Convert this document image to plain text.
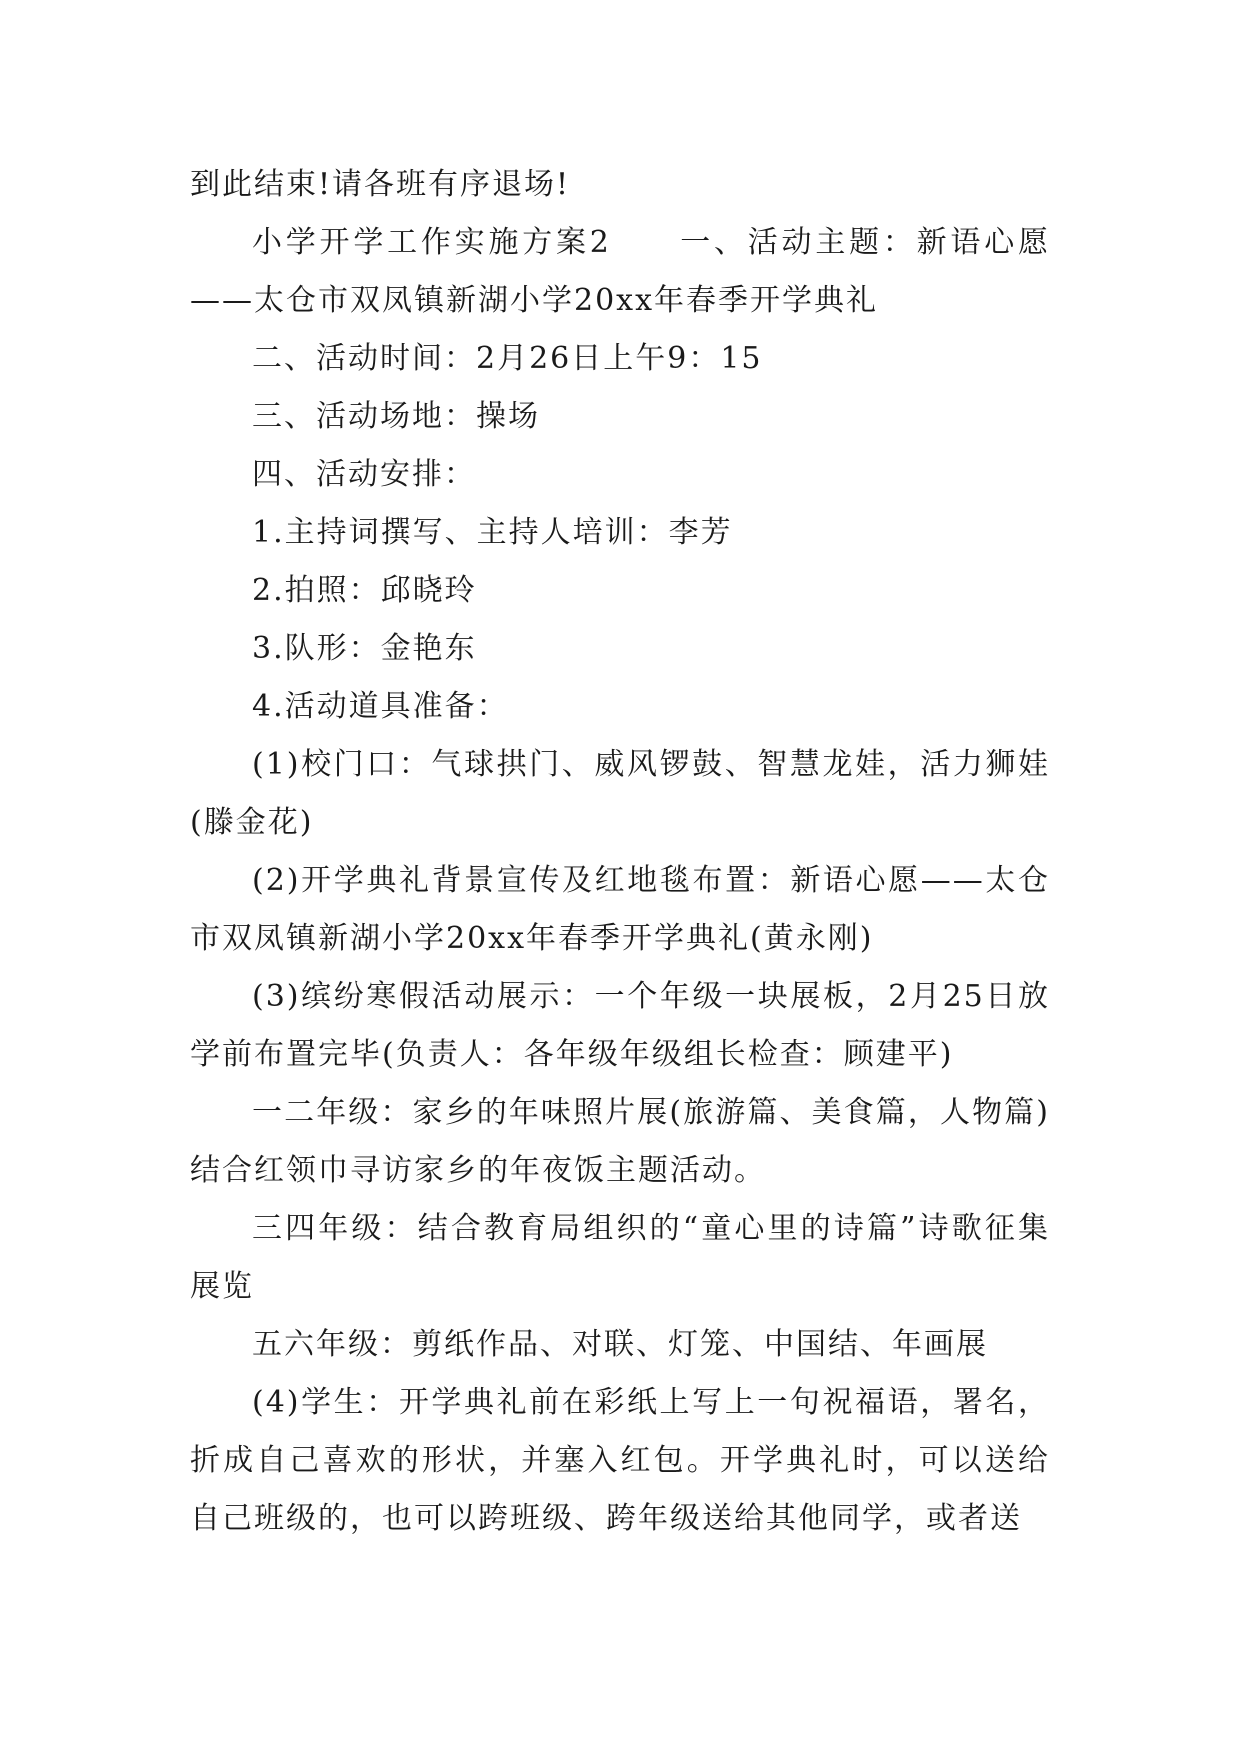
到此结束!请各班有序退场!

小学开学工作实施方案2　　一、活动主题：新语心愿——太仓市双凤镇新湖小学20xx年春季开学典礼

二、活动时间：2月26日上午9：15

三、活动场地：操场

四、活动安排：

1.主持词撰写、主持人培训：李芳

2.拍照：邱晓玲

3.队形：金艳东

4.活动道具准备：

(1)校门口：气球拱门、威风锣鼓、智慧龙娃，活力狮娃(滕金花)

(2)开学典礼背景宣传及红地毯布置：新语心愿——太仓市双凤镇新湖小学20xx年春季开学典礼(黄永刚)

(3)缤纷寒假活动展示：一个年级一块展板，2月25日放学前布置完毕(负责人：各年级年级组长检查：顾建平)

一二年级：家乡的年味照片展(旅游篇、美食篇，人物篇)结合红领巾寻访家乡的年夜饭主题活动。

三四年级：结合教育局组织的“童心里的诗篇”诗歌征集展览

五六年级：剪纸作品、对联、灯笼、中国结、年画展

(4)学生：开学典礼前在彩纸上写上一句祝福语，署名，折成自己喜欢的形状，并塞入红包。开学典礼时，可以送给自己班级的，也可以跨班级、跨年级送给其他同学，或者送
